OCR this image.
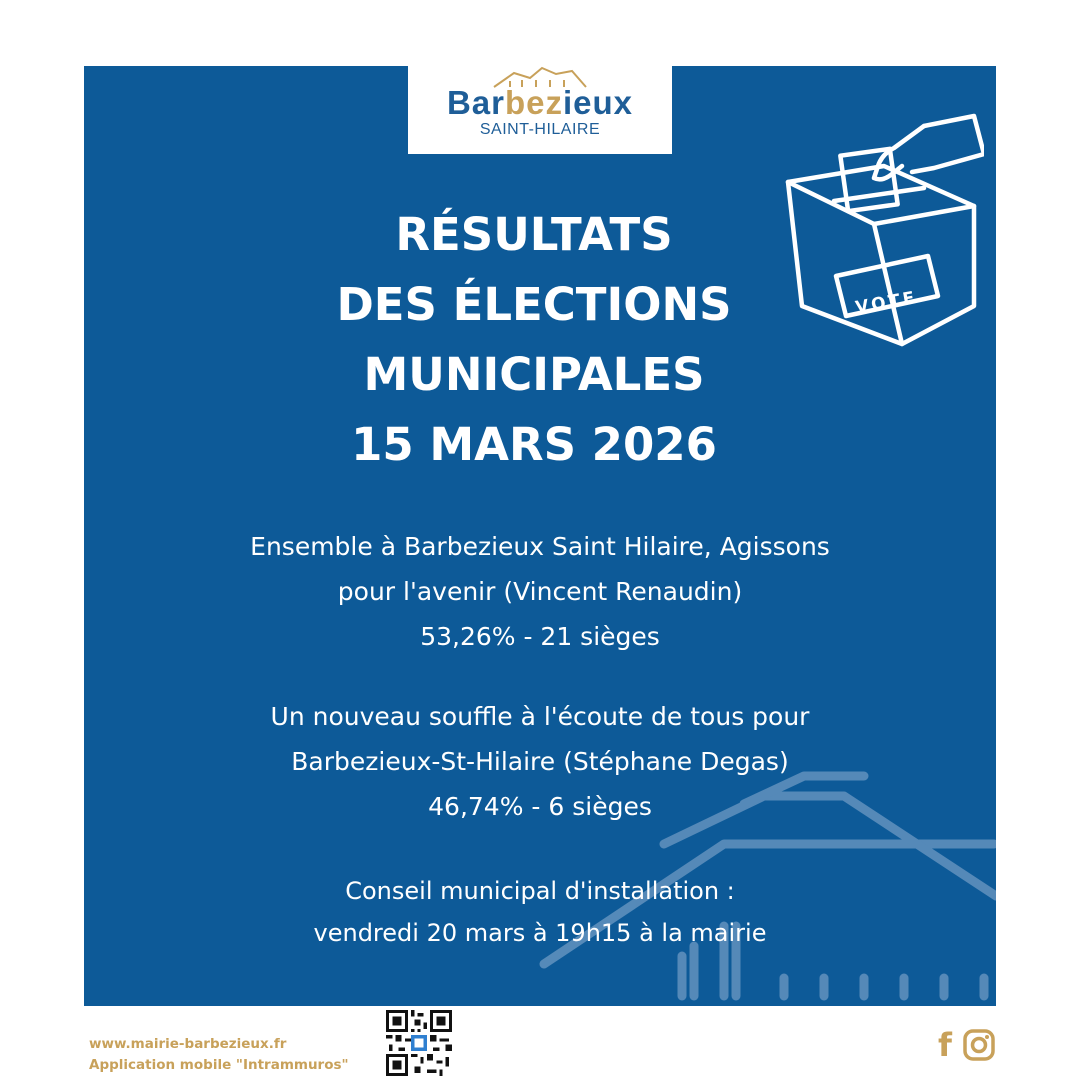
Barbezieux
SAINT-HILAIRE
VOTE
RÉSULTATS
DES ÉLECTIONS
MUNICIPALES
15 MARS 2026
Ensemble à Barbezieux Saint Hilaire, Agissons
pour l'avenir (Vincent Renaudin)
53,26% - 21 sièges
Un nouveau souffle à l'écoute de tous pour
Barbezieux-St-Hilaire (Stéphane Degas)
46,74% - 6 sièges
Conseil municipal d'installation :
vendredi 20 mars à 19h15 à la mairie
www.mairie-barbezieux.fr
Application mobile "Intrammuros"
f
